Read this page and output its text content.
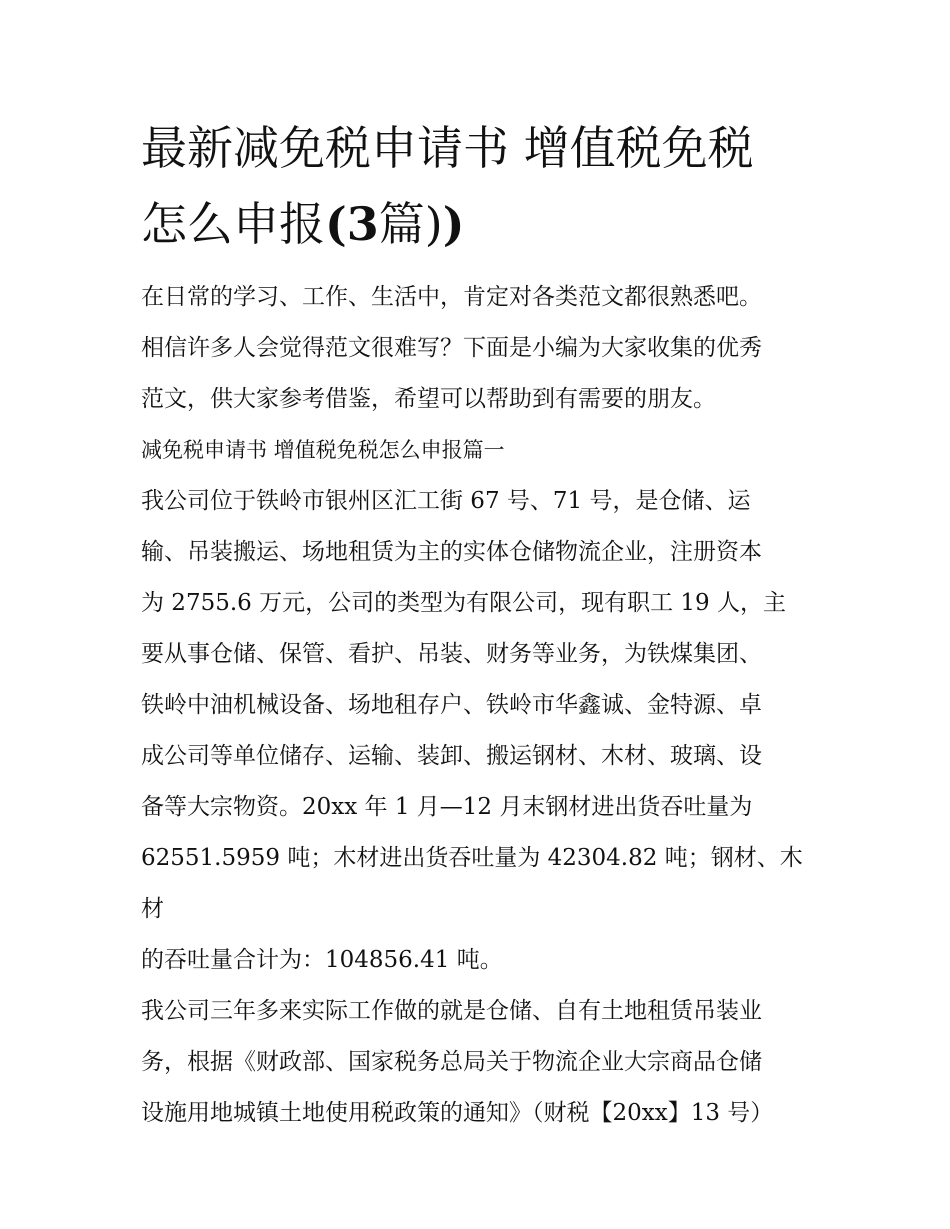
最新减免税申请书 增值税免税
怎么申报(3篇))
在日常的学习、工作、生活中，肯定对各类范文都很熟悉吧。
相信许多人会觉得范文很难写？下面是小编为大家收集的优秀
范文，供大家参考借鉴，希望可以帮助到有需要的朋友。
减免税申请书 增值税免税怎么申报篇一
我公司位于铁岭市银州区汇工街 67 号、71 号，是仓储、运
输、吊装搬运、场地租赁为主的实体仓储物流企业，注册资本
为 2755.6 万元，公司的类型为有限公司，现有职工 19 人，主
要从事仓储、保管、看护、吊装、财务等业务，为铁煤集团、
铁岭中油机械设备、场地租存户、铁岭市华鑫诚、金特源、卓
成公司等单位储存、运输、装卸、搬运钢材、木材、玻璃、设
备等大宗物资。20xx 年 1 月—12 月末钢材进出货吞吐量为
62551.5959 吨；木材进出货吞吐量为 42304.82 吨；钢材、木材
的吞吐量合计为：104856.41 吨。
我公司三年多来实际工作做的就是仓储、自有土地租赁吊装业
务，根据《财政部、国家税务总局关于物流企业大宗商品仓储
设施用地城镇土地使用税政策的通知》（财税【20xx】13 号）
